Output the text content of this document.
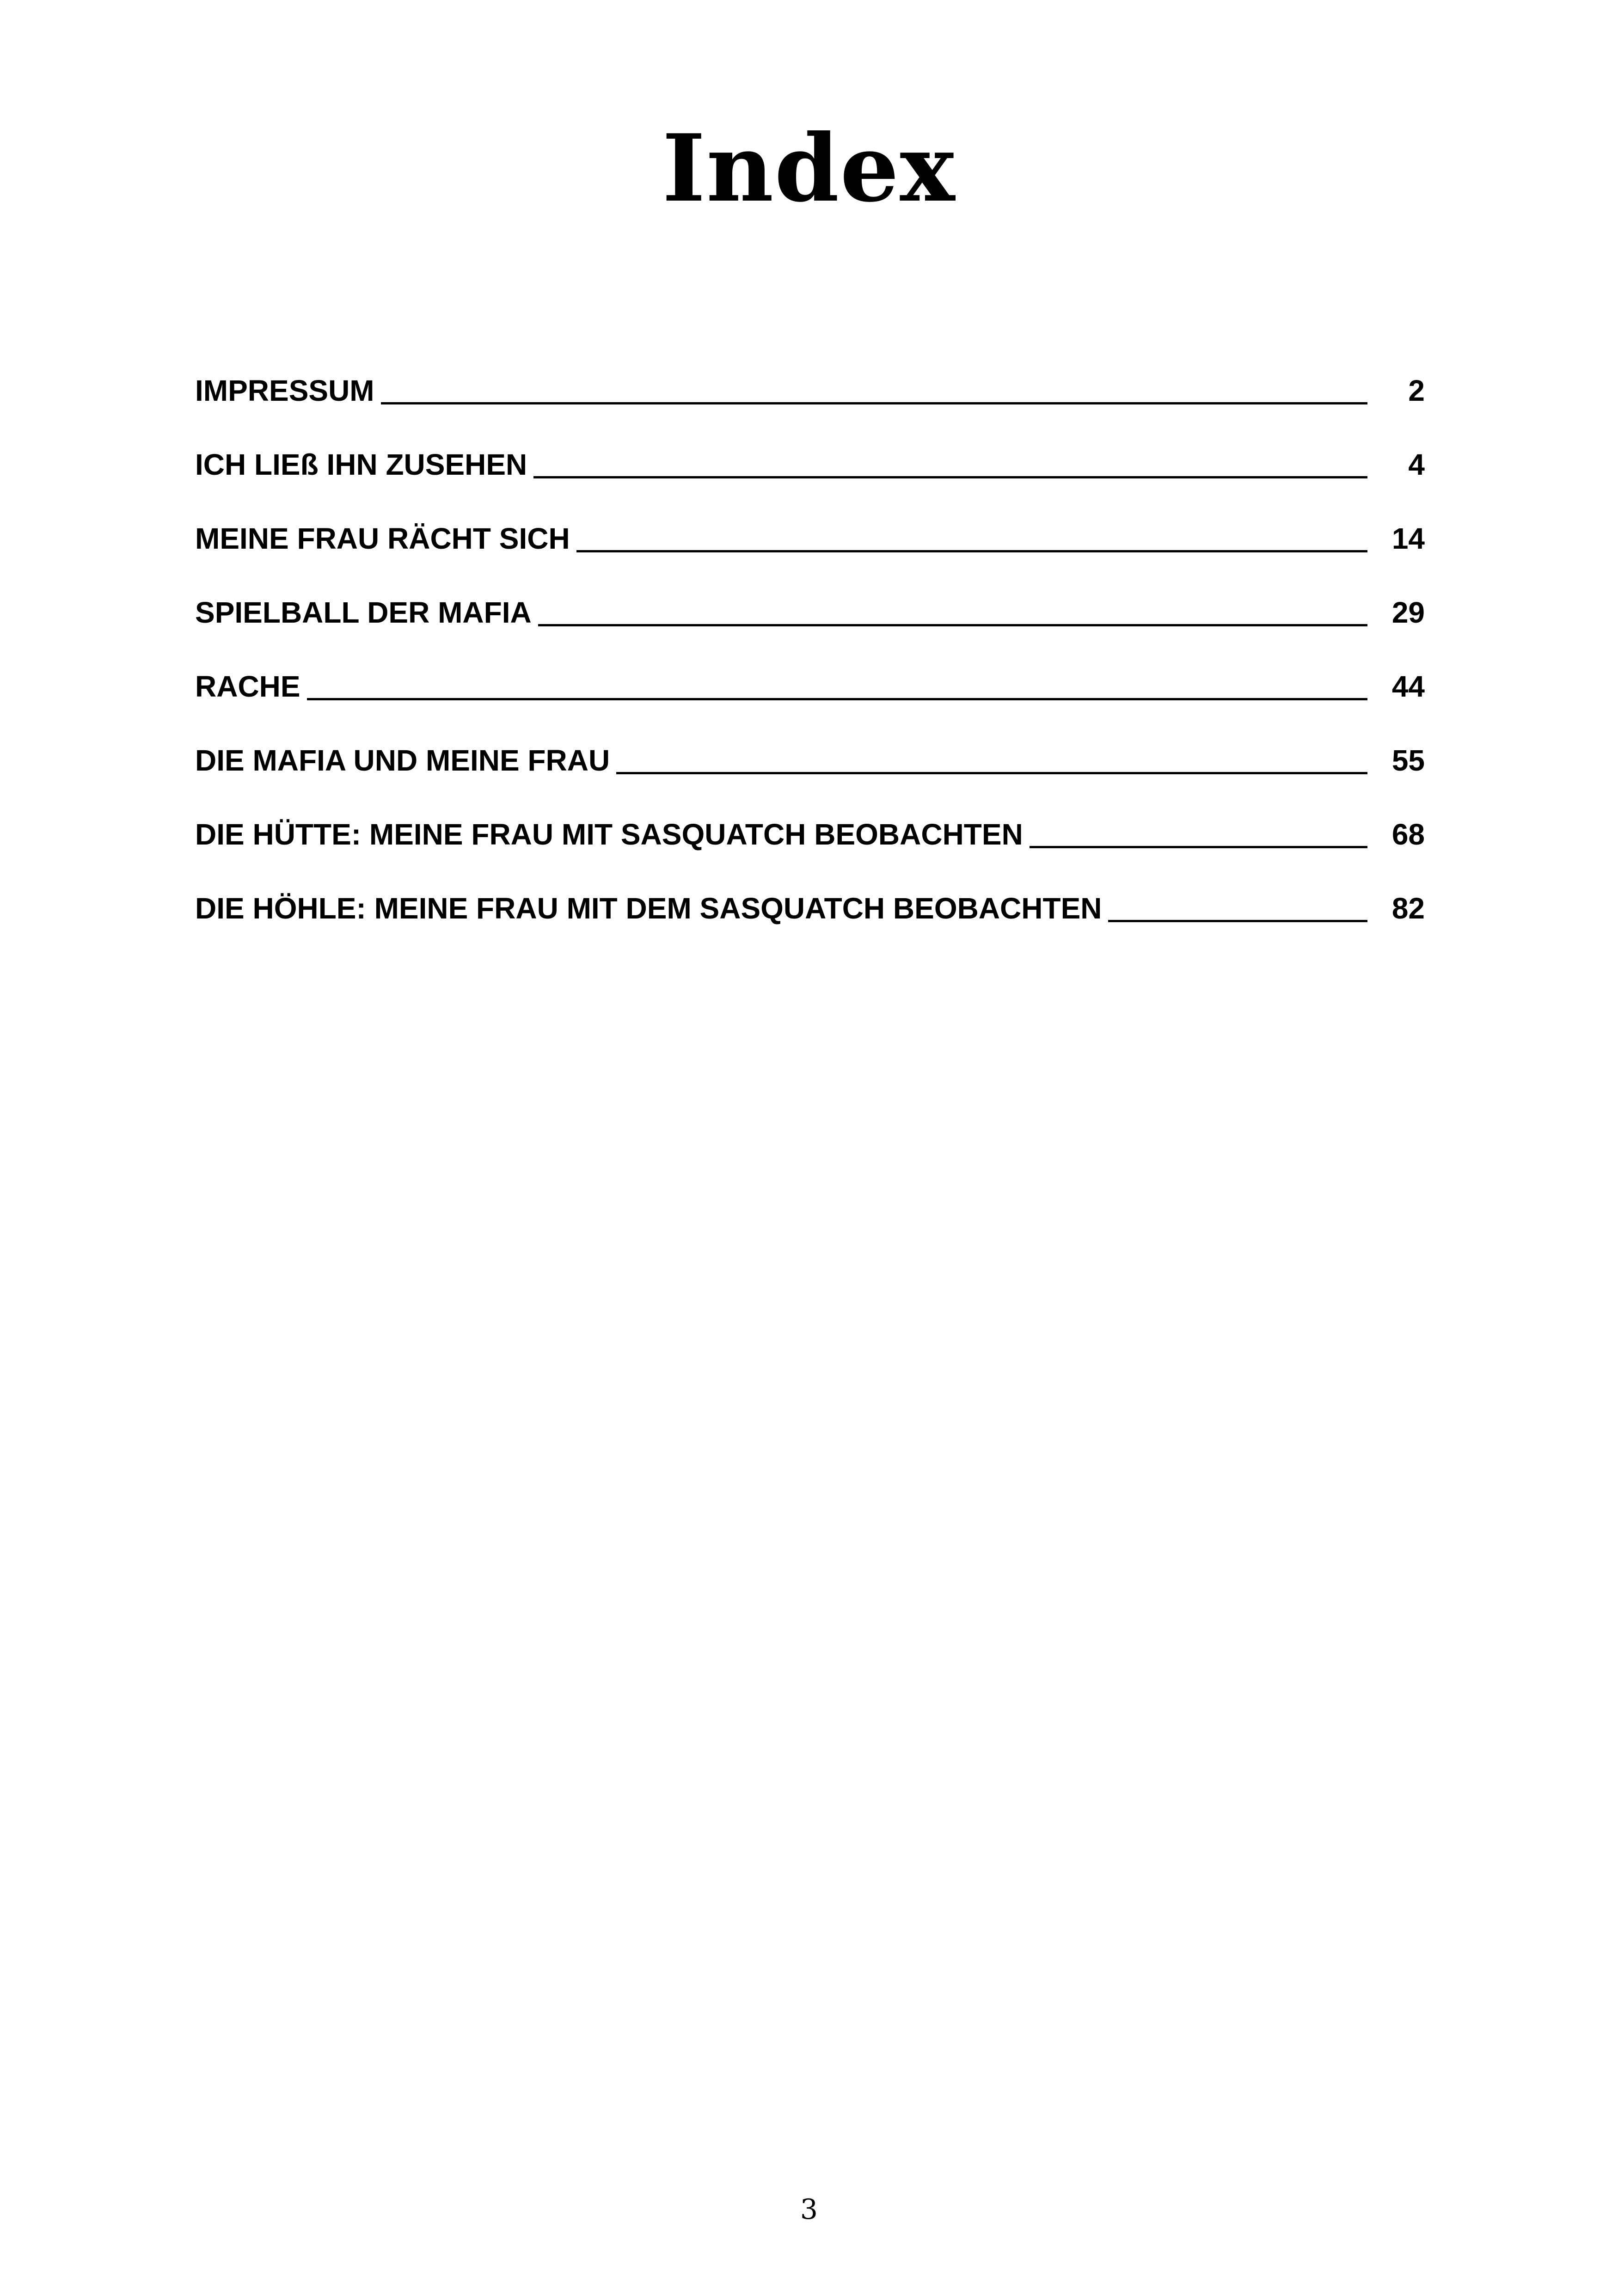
Index
IMPRESSUM	2
ICH LIEß IHN ZUSEHEN	4
MEINE FRAU RÄCHT SICH	14
SPIELBALL DER MAFIA	29
RACHE	44
DIE MAFIA UND MEINE FRAU	55
DIE HÜTTE: MEINE FRAU MIT SASQUATCH BEOBACHTEN	68
DIE HÖHLE: MEINE FRAU MIT DEM SASQUATCH BEOBACHTEN	82
3
